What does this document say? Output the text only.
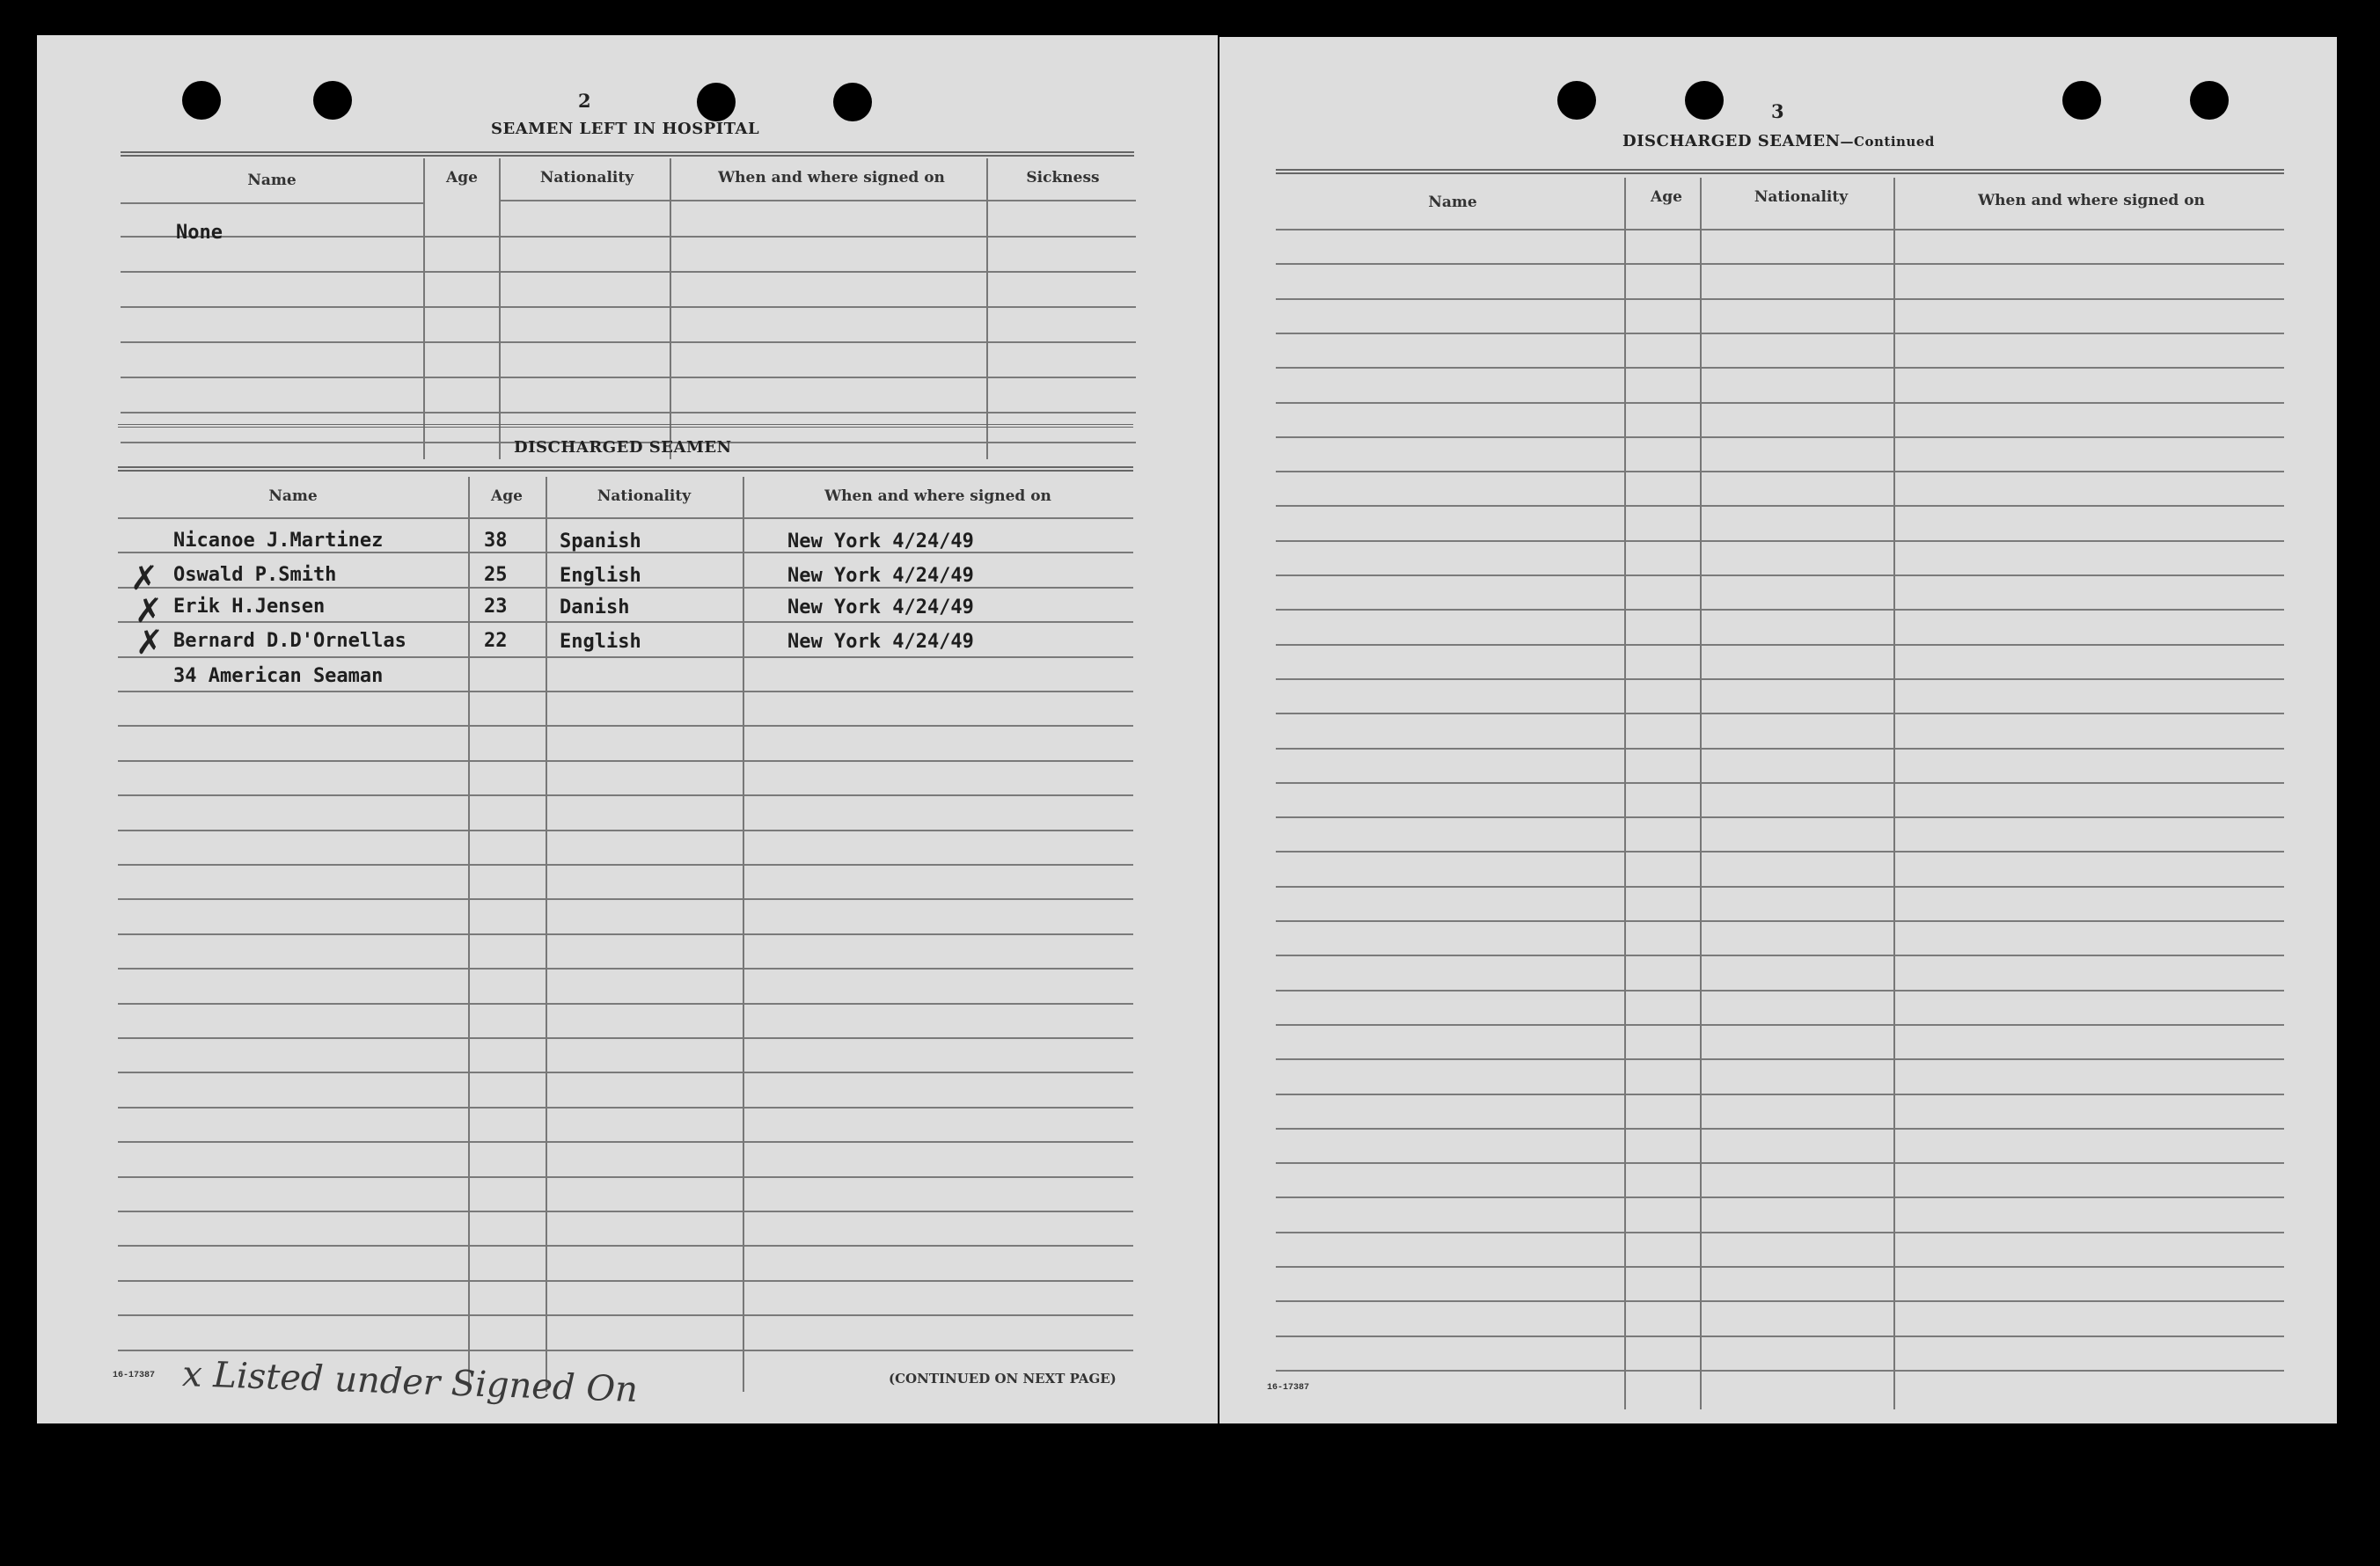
2
SEAMEN LEFT IN HOSPITAL
Name	Age	Nationality	When and where signed on	Sickness
None
DISCHARGED SEAMEN
Name	Age	Nationality	When and where signed on
Nicanoe J.Martinez	38	Spanish	New York 4/24/49
Oswald P.Smith	25	English	New York 4/24/49
Erik H.Jensen	23	Danish	New York 4/24/49
Bernard D.D'Ornellas	22	English	New York 4/24/49
34 American Seaman
✗
✗
✗
16-17387 x Listed under Signed On	(CONTINUED ON NEXT PAGE)
3
DISCHARGED SEAMEN—Continued
Name	Age	Nationality	When and where signed on
16-17387
